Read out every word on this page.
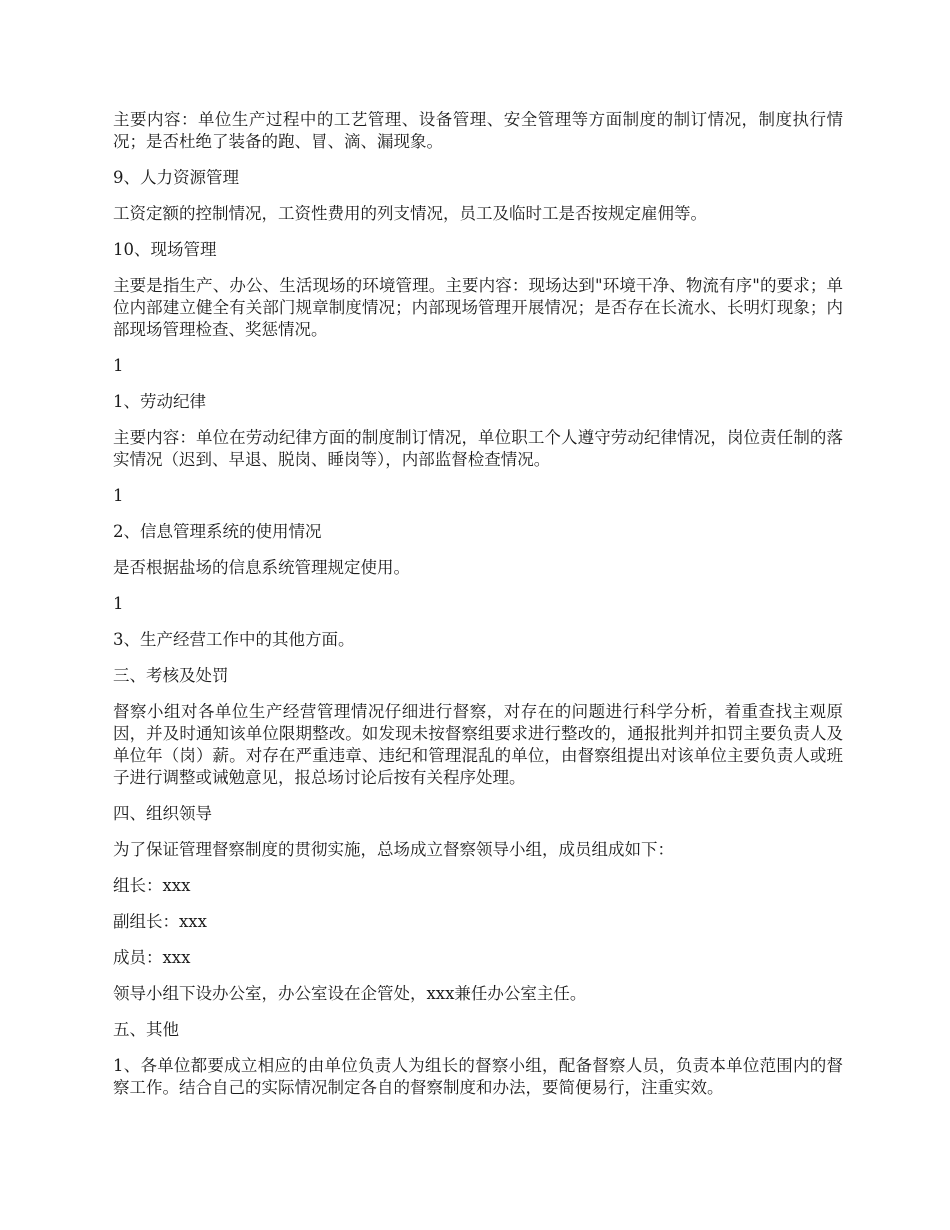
主要内容：单位生产过程中的工艺管理、设备管理、安全管理等方面制度的制订情况，制度执行情况；是否杜绝了装备的跑、冒、滴、漏现象。

9、人力资源管理

工资定额的控制情况，工资性费用的列支情况，员工及临时工是否按规定雇佣等。

10、现场管理

主要是指生产、办公、生活现场的环境管理。主要内容：现场达到"环境干净、物流有序"的要求；单位内部建立健全有关部门规章制度情况；内部现场管理开展情况；是否存在长流水、长明灯现象；内部现场管理检查、奖惩情况。

1

1、劳动纪律

主要内容：单位在劳动纪律方面的制度制订情况，单位职工个人遵守劳动纪律情况，岗位责任制的落实情况（迟到、早退、脱岗、睡岗等），内部监督检查情况。

1

2、信息管理系统的使用情况

是否根据盐场的信息系统管理规定使用。

1

3、生产经营工作中的其他方面。

三、考核及处罚

督察小组对各单位生产经营管理情况仔细进行督察，对存在的问题进行科学分析，着重查找主观原因，并及时通知该单位限期整改。如发现未按督察组要求进行整改的，通报批判并扣罚主要负责人及单位年（岗）薪。对存在严重违章、违纪和管理混乱的单位，由督察组提出对该单位主要负责人或班子进行调整或诫勉意见，报总场讨论后按有关程序处理。

四、组织领导

为了保证管理督察制度的贯彻实施，总场成立督察领导小组，成员组成如下：

组长：xxx

副组长：xxx

成员：xxx

领导小组下设办公室，办公室设在企管处，xxx兼任办公室主任。

五、其他

1、各单位都要成立相应的由单位负责人为组长的督察小组，配备督察人员，负责本单位范围内的督察工作。结合自己的实际情况制定各自的督察制度和办法，要简便易行，注重实效。
